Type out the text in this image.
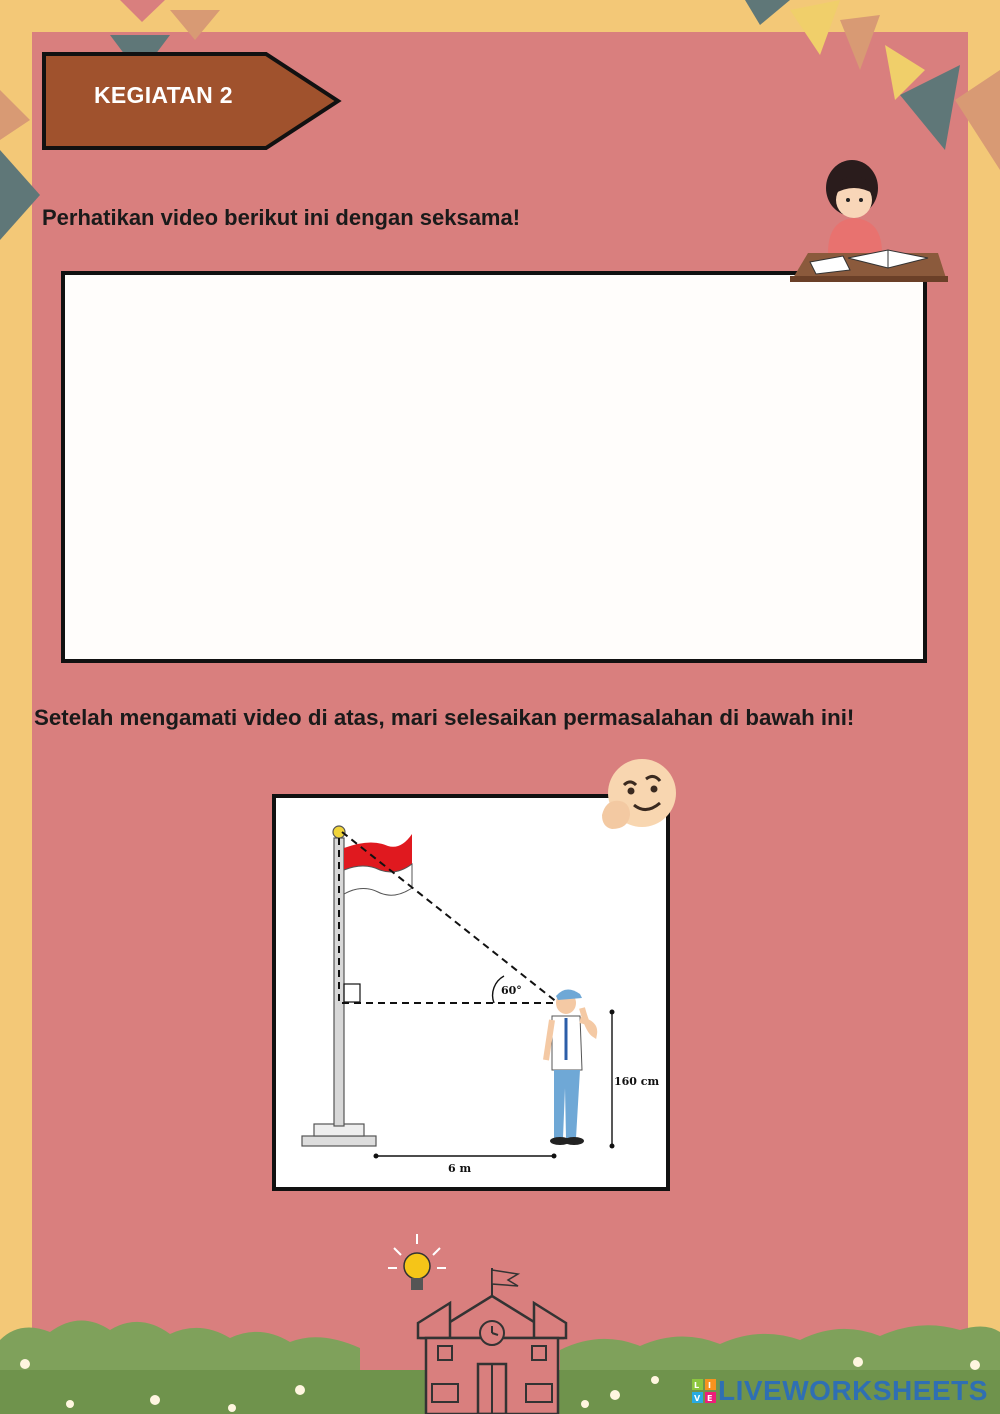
KEGIATAN 2
Perhatikan video berikut ini dengan seksama!
Setelah mengamati video di atas, mari selesaikan permasalahan di bawah ini!
60°
160 cm
6 m
L I
V E LIVEWORKSHEETS
